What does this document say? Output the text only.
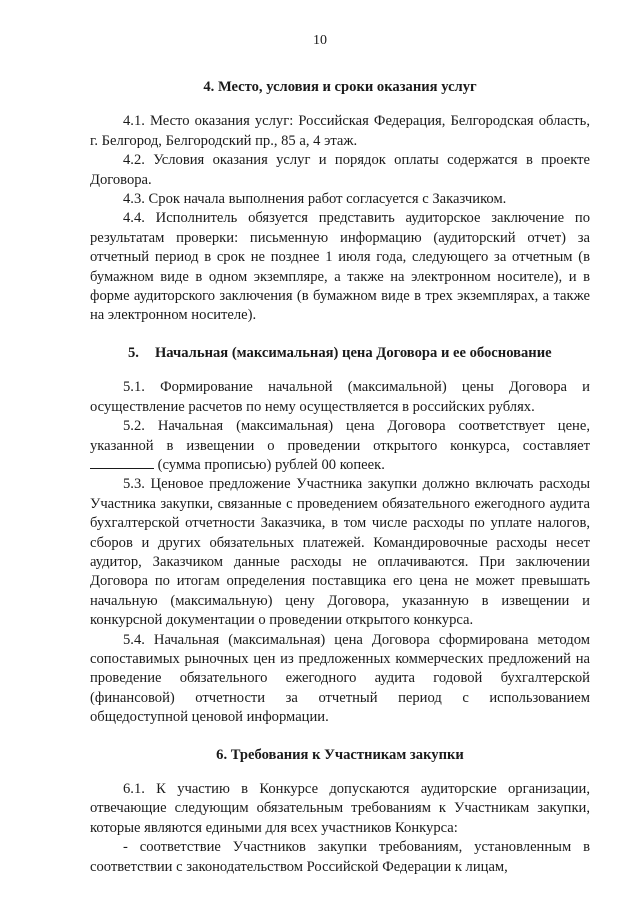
10

4. Место, условия и сроки оказания услуг

4.1. Место оказания услуг: Российская Федерация, Белгородская область, г. Белгород, Белгородский пр., 85 а, 4 этаж.

4.2. Условия оказания услуг и порядок оплаты содержатся в проекте Договора.

4.3. Срок начала выполнения работ согласуется с Заказчиком.

4.4. Исполнитель обязуется представить аудиторское заключение по результатам проверки: письменную информацию (аудиторский отчет) за отчетный период в срок не позднее 1 июля года, следующего за отчетным (в бумажном виде в одном экземпляре, а также на электронном носителе), и в форме аудиторского заключения (в бумажном виде в трех экземплярах, а также на электронном носителе).

5. Начальная (максимальная) цена Договора и ее обоснование

5.1. Формирование начальной (максимальной) цены Договора и осуществление расчетов по нему осуществляется в российских рублях.

5.2. Начальная (максимальная) цена Договора соответствует цене, указанной в извещении о проведении открытого конкурса, составляет  (сумма прописью) рублей 00 копеек.

5.3. Ценовое предложение Участника закупки должно включать расходы Участника закупки, связанные с проведением обязательного ежегодного аудита бухгалтерской отчетности Заказчика, в том числе расходы по уплате налогов, сборов и других обязательных платежей. Командировочные расходы несет аудитор, Заказчиком данные расходы не оплачиваются. При заключении Договора по итогам определения поставщика его цена не может превышать начальную (максимальную) цену Договора, указанную в извещении и конкурсной документации о проведении открытого конкурса.

5.4. Начальная (максимальная) цена Договора сформирована методом сопоставимых рыночных цен из предложенных коммерческих предложений на проведение обязательного ежегодного аудита годовой бухгалтерской (финансовой) отчетности за отчетный период с использованием общедоступной ценовой информации.

6. Требования к Участникам закупки

6.1. К участию в Конкурсе допускаются аудиторские организации, отвечающие следующим обязательным требованиям к Участникам закупки, которые являются едиными для всех участников Конкурса:

- соответствие Участников закупки требованиям, установленным в соответствии с законодательством Российской Федерации к лицам,
